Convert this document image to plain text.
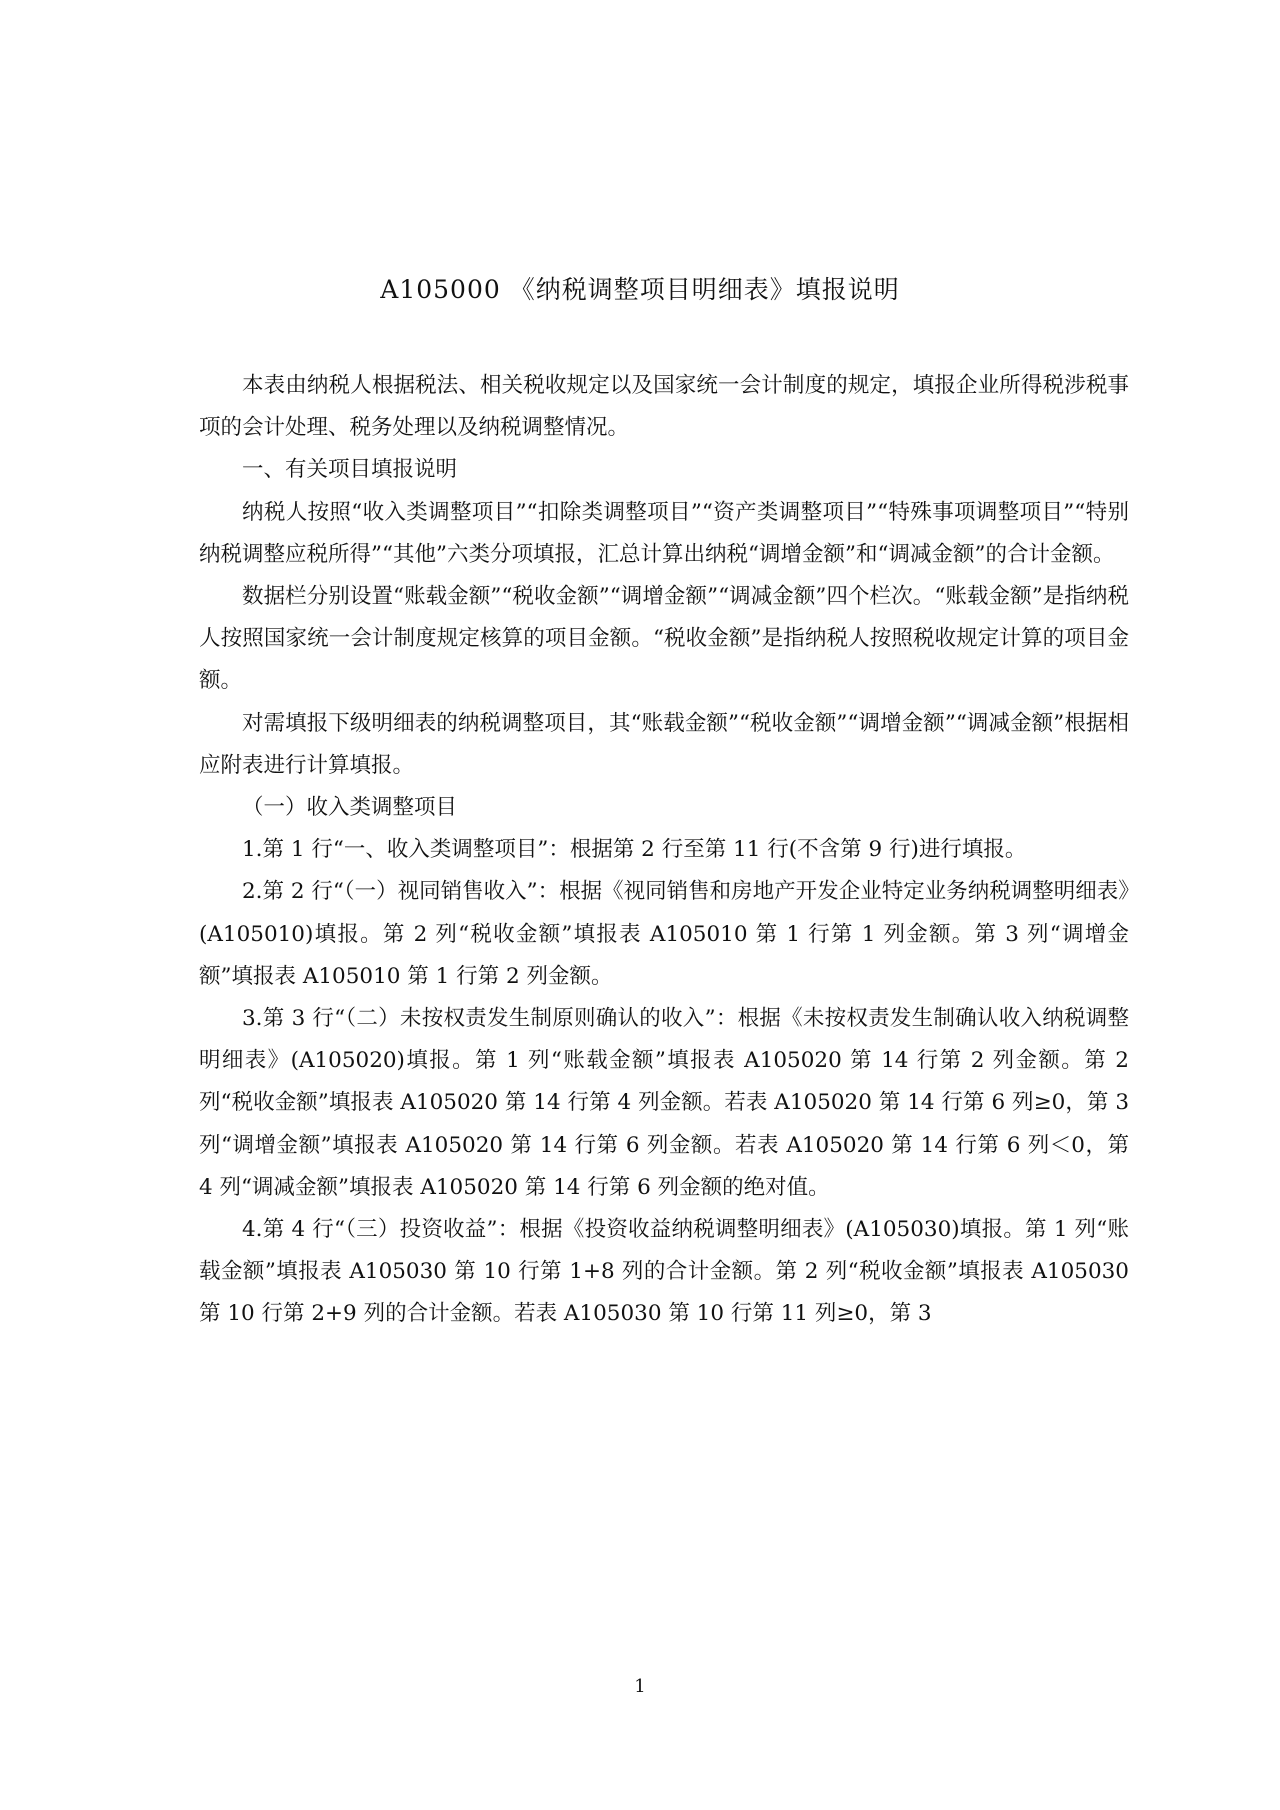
A105000 《纳税调整项目明细表》填报说明

本表由纳税人根据税法、相关税收规定以及国家统一会计制度的规定，填报企业所得税涉税事项的会计处理、税务处理以及纳税调整情况。

一、有关项目填报说明

纳税人按照“收入类调整项目”“扣除类调整项目”“资产类调整项目”“特殊事项调整项目”“特别纳税调整应税所得”“其他”六类分项填报，汇总计算出纳税“调增金额”和“调减金额”的合计金额。

数据栏分别设置“账载金额”“税收金额”“调增金额”“调减金额”四个栏次。“账载金额”是指纳税人按照国家统一会计制度规定核算的项目金额。“税收金额”是指纳税人按照税收规定计算的项目金额。

对需填报下级明细表的纳税调整项目，其“账载金额”“税收金额”“调增金额”“调减金额”根据相应附表进行计算填报。

（一）收入类调整项目

1.第 1 行“一、收入类调整项目”：根据第 2 行至第 11 行(不含第 9 行)进行填报。

2.第 2 行“（一）视同销售收入”：根据《视同销售和房地产开发企业特定业务纳税调整明细表》(A105010)填报。第 2 列“税收金额”填报表 A105010 第 1 行第 1 列金额。第 3 列“调增金额”填报表 A105010 第 1 行第 2 列金额。

3.第 3 行“（二）未按权责发生制原则确认的收入”：根据《未按权责发生制确认收入纳税调整明细表》(A105020)填报。第 1 列“账载金额”填报表 A105020 第 14 行第 2 列金额。第 2 列“税收金额”填报表 A105020 第 14 行第 4 列金额。若表 A105020 第 14 行第 6 列≥0，第 3 列“调增金额”填报表 A105020 第 14 行第 6 列金额。若表 A105020 第 14 行第 6 列＜0，第 4 列“调减金额”填报表 A105020 第 14 行第 6 列金额的绝对值。

4.第 4 行“（三）投资收益”：根据《投资收益纳税调整明细表》(A105030)填报。第 1 列“账载金额”填报表 A105030 第 10 行第 1+8 列的合计金额。第 2 列“税收金额”填报表 A105030 第 10 行第 2+9 列的合计金额。若表 A105030 第 10 行第 11 列≥0，第 3

1
